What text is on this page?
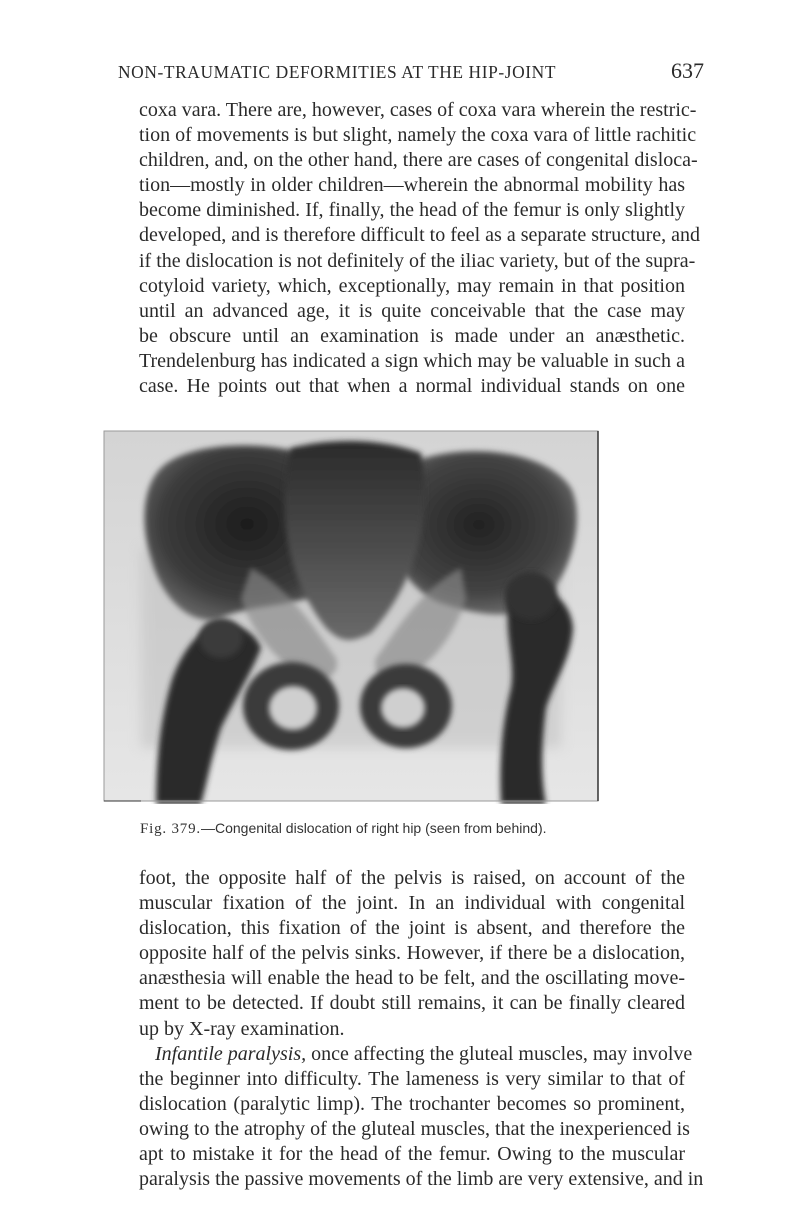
NON-TRAUMATIC DEFORMITIES AT THE HIP-JOINT	637
coxa vara. There are, however, cases of coxa vara wherein the restric-
tion of movements is but slight, namely the coxa vara of little rachitic
children, and, on the other hand, there are cases of congenital disloca-
tion—mostly in older children—wherein the abnormal mobility has
become diminished. If, finally, the head of the femur is only slightly
developed, and is therefore difficult to feel as a separate structure, and
if the dislocation is not definitely of the iliac variety, but of the supra-
cotyloid variety, which, exceptionally, may remain in that position
until an advanced age, it is quite conceivable that the case may
be obscure until an examination is made under an anæsthetic.
Trendelenburg has indicated a sign which may be valuable in such a
case. He points out that when a normal individual stands on one
Fig. 379.—Congenital dislocation of right hip (seen from behind).
foot, the opposite half of the pelvis is raised, on account of the
muscular fixation of the joint. In an individual with congenital
dislocation, this fixation of the joint is absent, and therefore the
opposite half of the pelvis sinks. However, if there be a dislocation,
anæsthesia will enable the head to be felt, and the oscillating move-
ment to be detected. If doubt still remains, it can be finally cleared
up by X-ray examination.
Infantile paralysis, once affecting the gluteal muscles, may involve
the beginner into difficulty. The lameness is very similar to that of
dislocation (paralytic limp). The trochanter becomes so prominent,
owing to the atrophy of the gluteal muscles, that the inexperienced is
apt to mistake it for the head of the femur. Owing to the muscular
paralysis the passive movements of the limb are very extensive, and in
